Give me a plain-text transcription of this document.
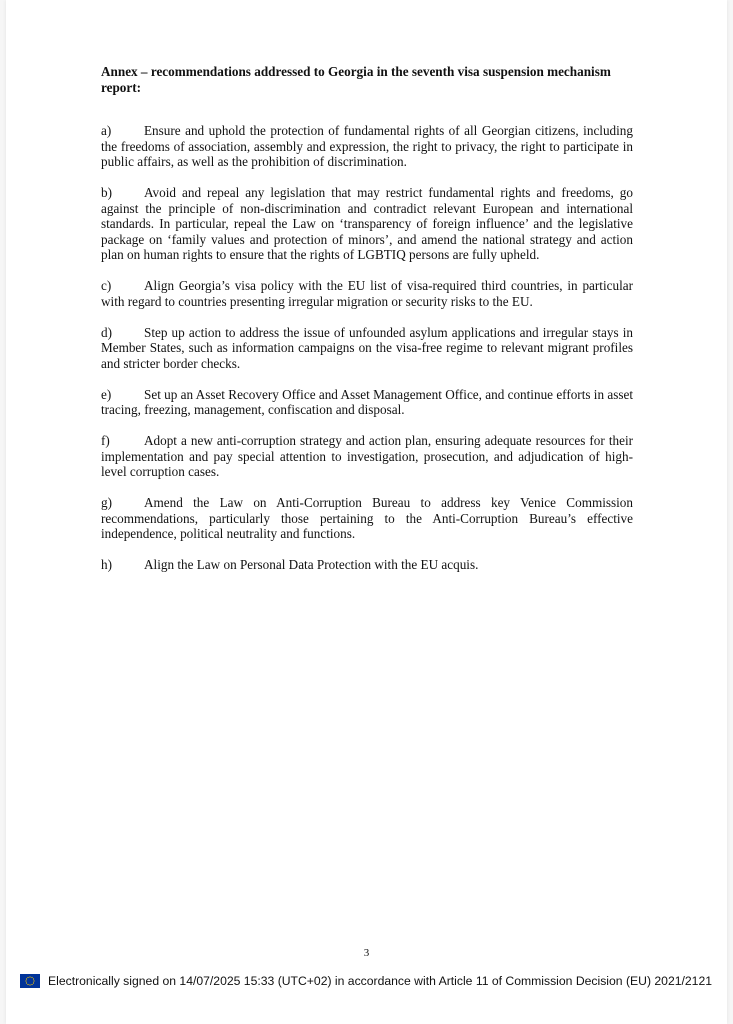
Annex – recommendations addressed to Georgia in the seventh visa suspension mechanism report:

a) Ensure and uphold the protection of fundamental rights of all Georgian citizens, including the freedoms of association, assembly and expression, the right to privacy, the right to participate in public affairs, as well as the prohibition of discrimination.

b) Avoid and repeal any legislation that may restrict fundamental rights and freedoms, go against the principle of non-discrimination and contradict relevant European and international standards. In particular, repeal the Law on ‘transparency of foreign influence’ and the legislative package on ‘family values and protection of minors’, and amend the national strategy and action plan on human rights to ensure that the rights of LGBTIQ persons are fully upheld.

c) Align Georgia’s visa policy with the EU list of visa-required third countries, in particular with regard to countries presenting irregular migration or security risks to the EU.

d) Step up action to address the issue of unfounded asylum applications and irregular stays in Member States, such as information campaigns on the visa-free regime to relevant migrant profiles and stricter border checks.

e) Set up an Asset Recovery Office and Asset Management Office, and continue efforts in asset tracing, freezing, management, confiscation and disposal.

f)	Adopt a new anti-corruption strategy and action plan, ensuring adequate resources for their implementation and pay special attention to investigation, prosecution, and adjudication of high-level corruption cases.

g) Amend the Law on Anti-Corruption Bureau to address key Venice Commission recommendations, particularly those pertaining to the Anti-Corruption Bureau’s effective independence, political neutrality and functions.

h) Align the Law on Personal Data Protection with the EU acquis.

3
Electronically signed on 14/07/2025 15:33 (UTC+02) in accordance with Article 11 of Commission Decision (EU) 2021/2121
